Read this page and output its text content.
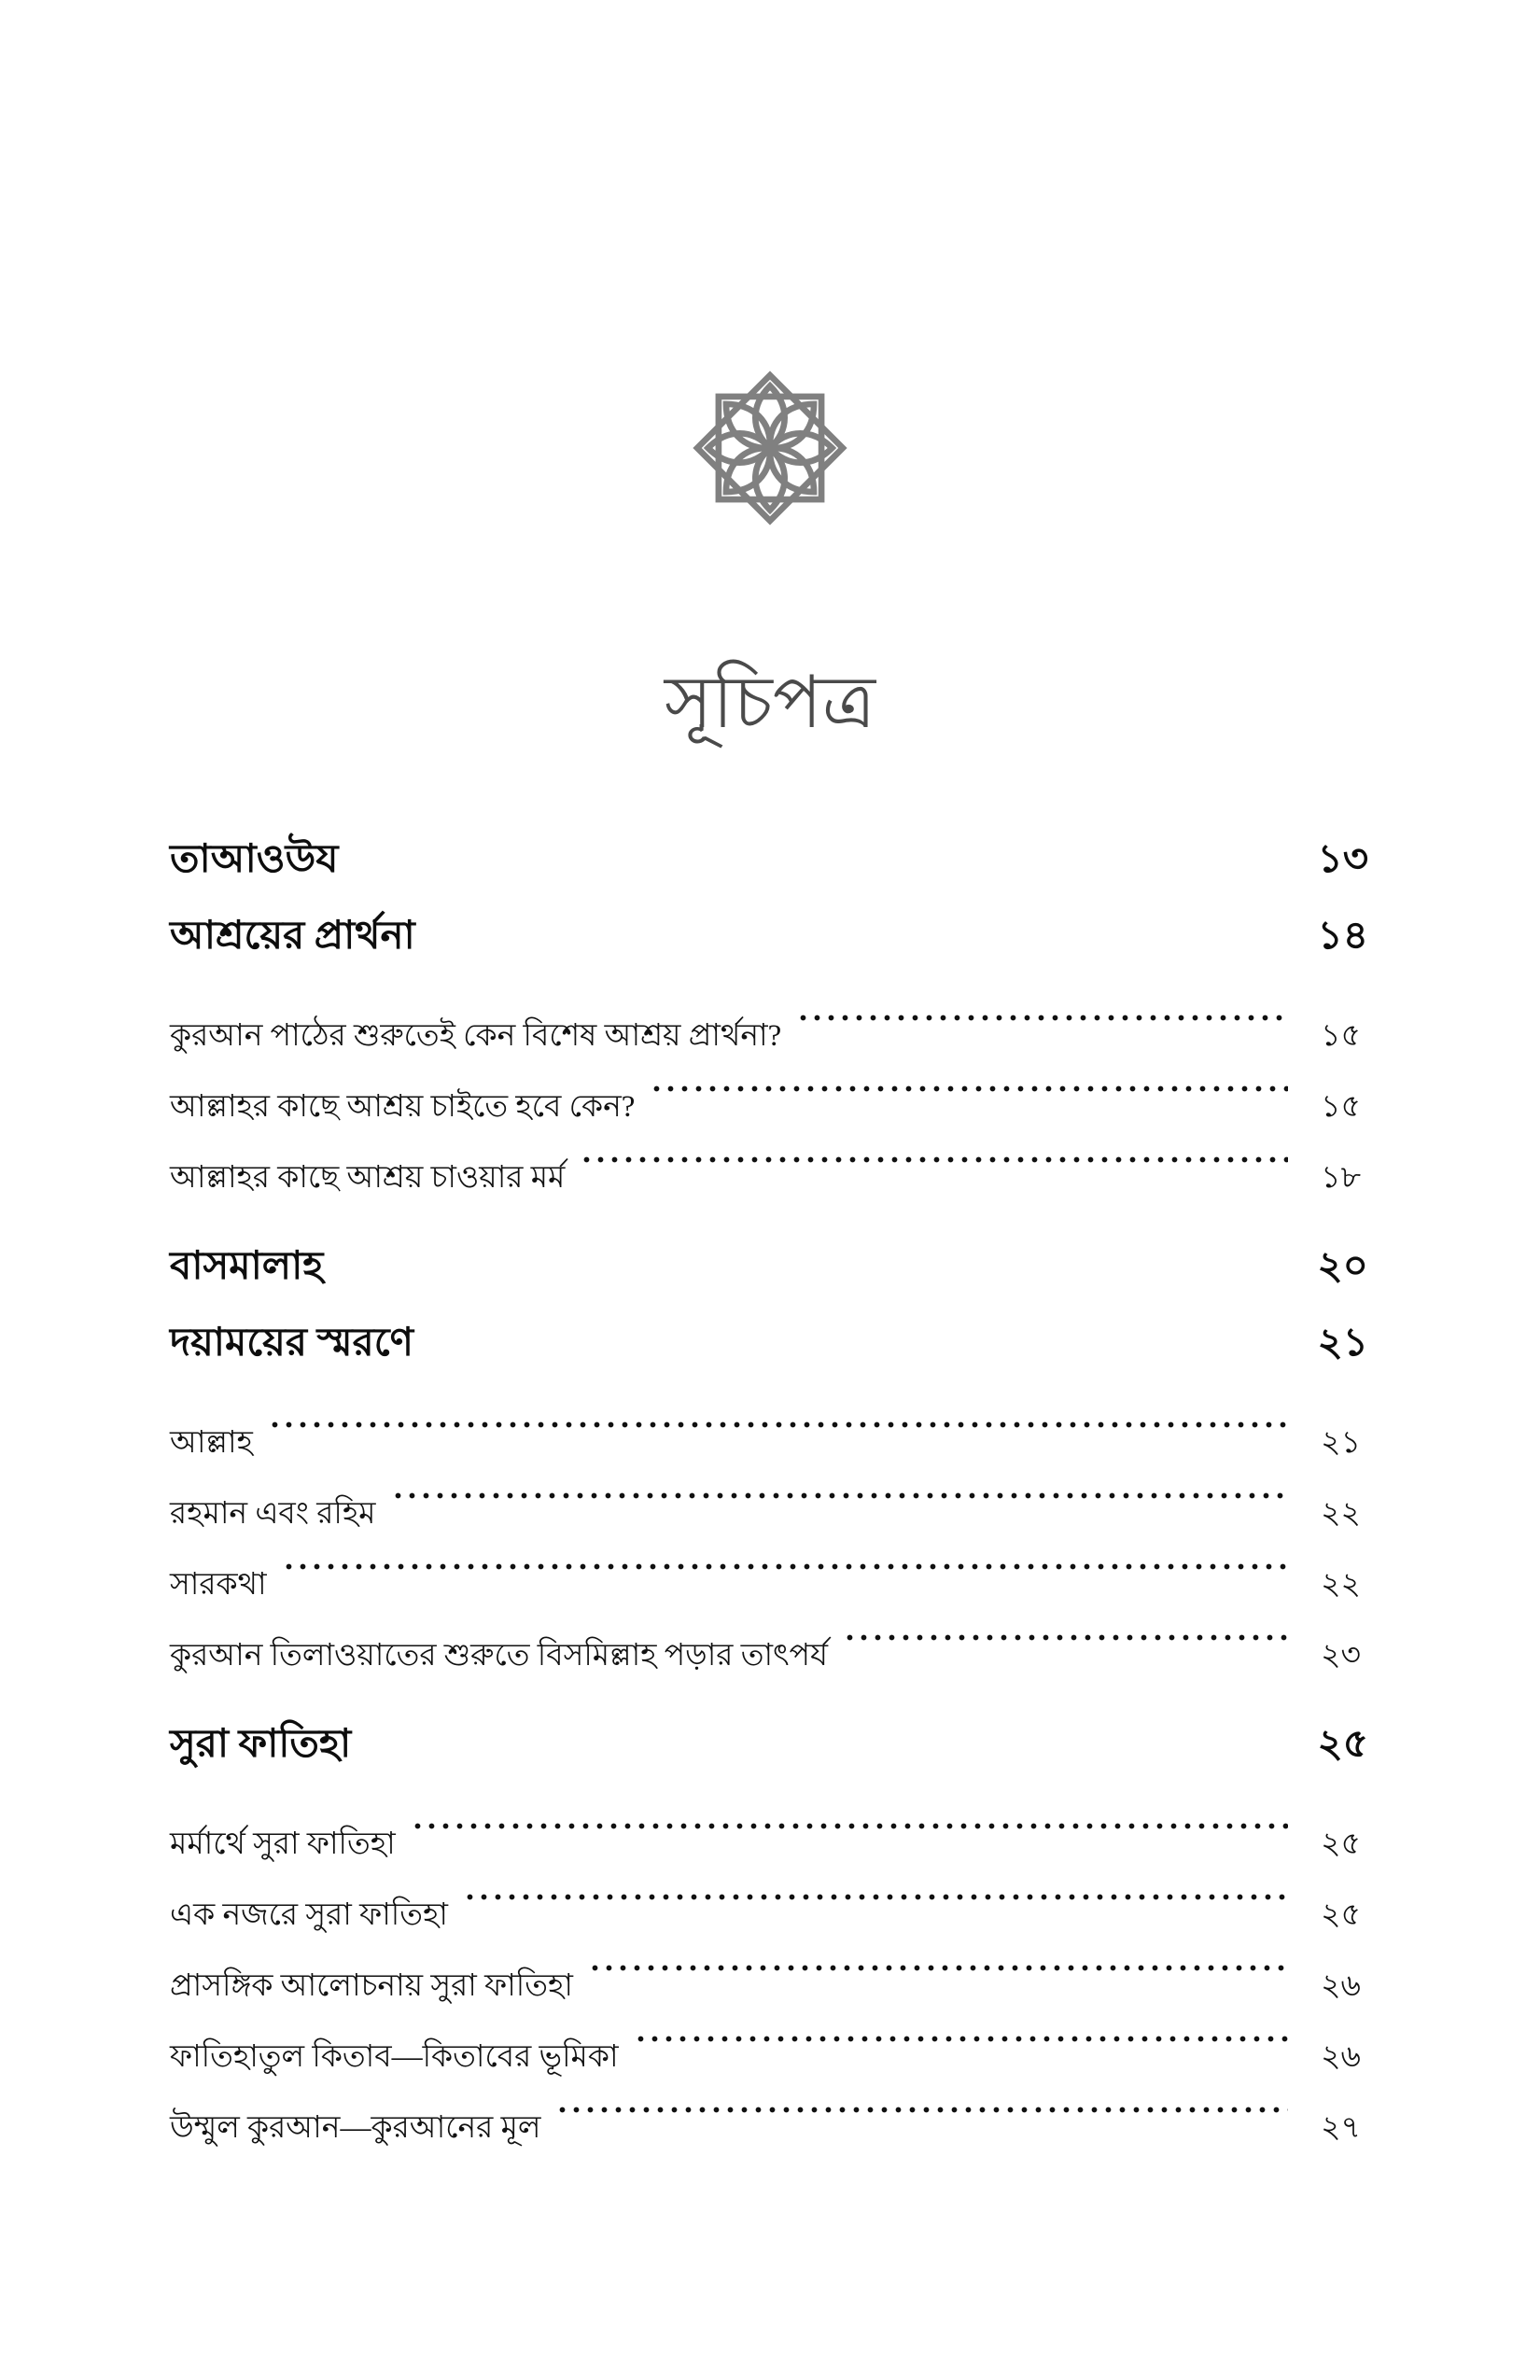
সূচিপত্র
তাআওউয	১৩
আশ্রয়ের প্রার্থনা	১৪
কুরআন পাঠের শুরুতেই কেন বিশেষ আশ্রয় প্রার্থনা?	১৫
আল্লাহর কাছে আশ্রয় চাইতে হবে কেন?	১৫
আল্লাহর কাছে আশ্রয় চাওয়ার মর্ম	১৮
বাসমালাহ	২০
দয়াময়ের স্মরণে	২১
আল্লাহ	২১
রহমান এবং রহিম	২২
সারকথা	২২
কুরআন তিলাওয়াতের শুরুতে বিসমিল্লাহ পড়ার তাৎপর্য	২৩
সুরা ফাতিহা	২৫
মর্মার্থে সুরা ফাতিহা	২৫
এক নজরে সুরা ফাতিহা	২৫
প্রাসঙ্গিক আলোচনায় সুরা ফাতিহা	২৬
ফাতিহাতুল কিতাব—কিতাবের ভূমিকা	২৬
উম্মুল কুরআন—কুরআনের মূল	২৭
